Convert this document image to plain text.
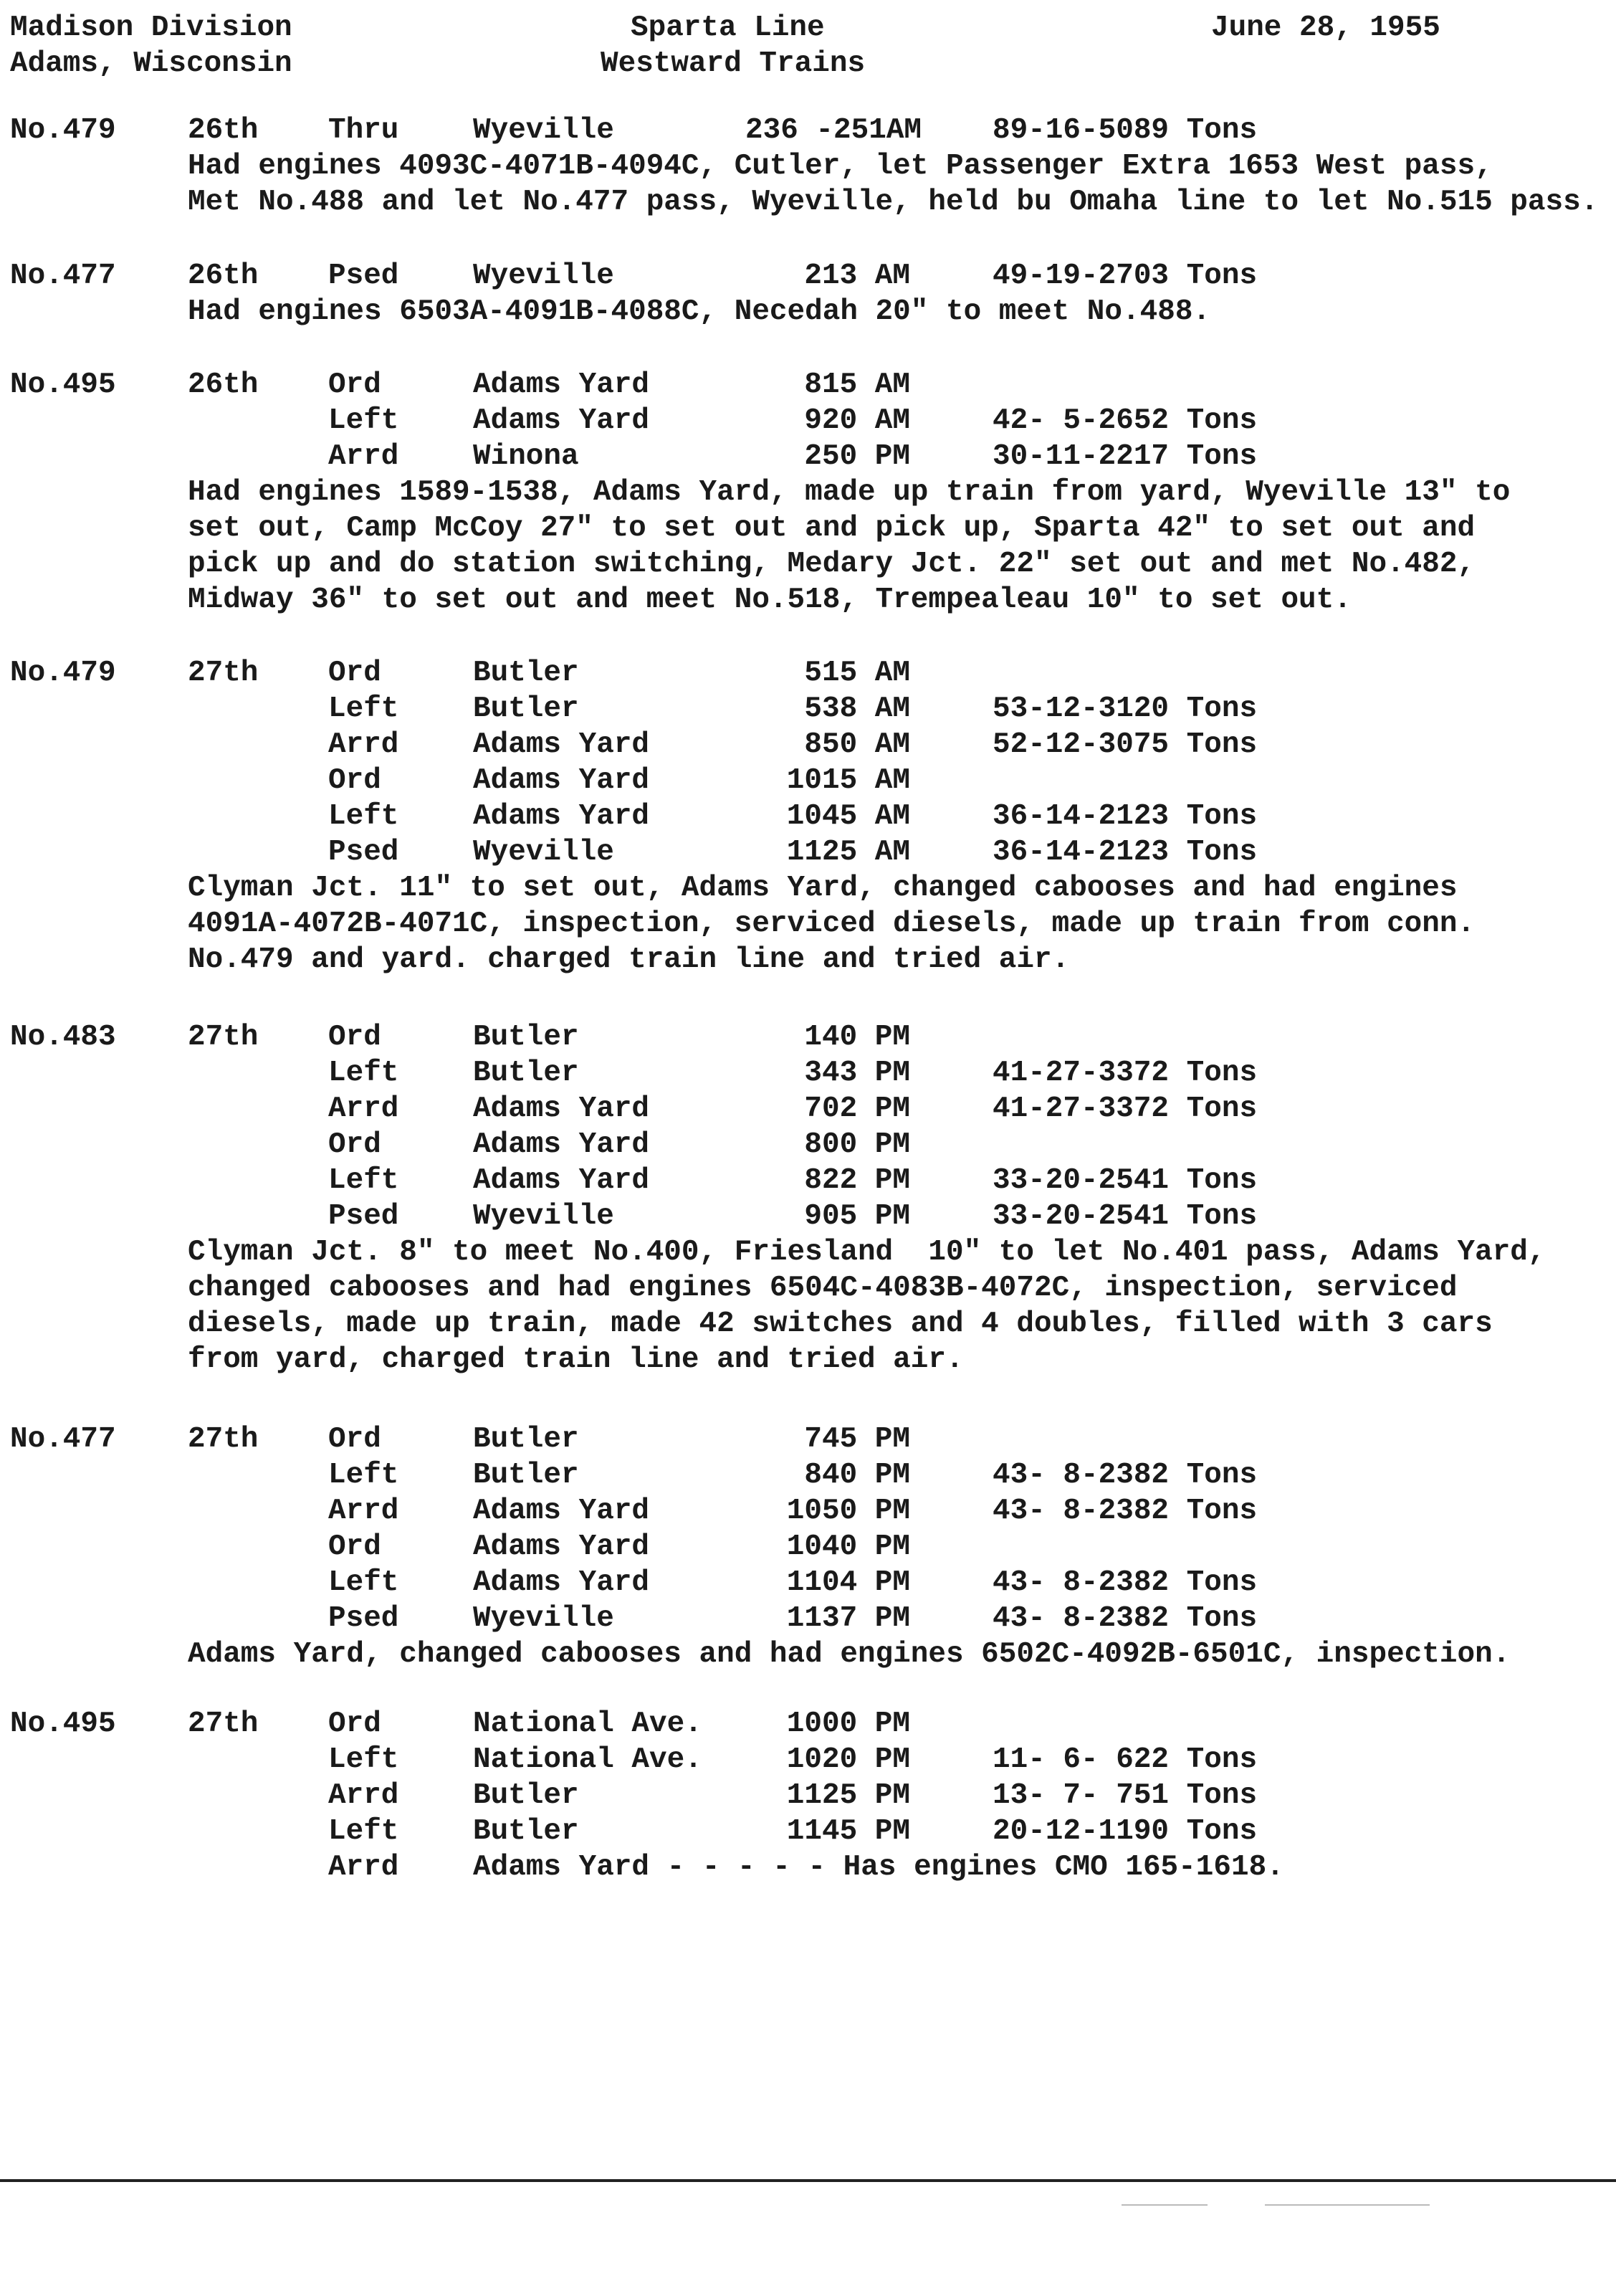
Madison Division
Adams, Wisconsin
Sparta Line
Westward Trains
June 28, 1955
No.479 26th Thru	Wyeville	236 -251AM 89-16-5089 Tons
Had engines 4093C-4071B-4094C, Cutler, let Passenger Extra 1653 West pass,
Met No.488 and let No.477 pass, Wyeville, held bu Omaha line to let No.515 pass.
No.477 26th Psed	Wyeville	213 AM	49-19-2703 Tons
Had engines 6503A-4091B-4088C, Necedah 20" to meet No.488.
No.495 26th Ord	Adams Yard	815 AM
Left	Adams Yard	920 AM	42- 5-2652 Tons
Arrd	Winona	250 PM	30-11-2217 Tons
Had engines 1589-1538, Adams Yard, made up train from yard, Wyeville 13" to
set out, Camp McCoy 27" to set out and pick up, Sparta 42" to set out and
pick up and do station switching, Medary Jct. 22" set out and met No.482,
Midway 36" to set out and meet No.518, Trempealeau 10" to set out.
No.479 27th Ord	Butler	515 AM
Left	Butler	538 AM	53-12-3120 Tons
Arrd	Adams Yard	850 AM	52-12-3075 Tons
Ord	Adams Yard	1015 AM
Left	Adams Yard	1045 AM	36-14-2123 Tons
Psed	Wyeville	1125 AM	36-14-2123 Tons
Clyman Jct. 11" to set out, Adams Yard, changed cabooses and had engines
4091A-4072B-4071C, inspection, serviced diesels, made up train from conn.
No.479 and yard. charged train line and tried air.
No.483 27th Ord	Butler	140 PM
Left	Butler	343 PM	41-27-3372 Tons
Arrd	Adams Yard	702 PM	41-27-3372 Tons
Ord	Adams Yard	800 PM
Left	Adams Yard	822 PM	33-20-2541 Tons
Psed	Wyeville	905 PM	33-20-2541 Tons
Clyman Jct. 8" to meet No.400, Friesland  10" to let No.401 pass, Adams Yard,
changed cabooses and had engines 6504C-4083B-4072C, inspection, serviced
diesels, made up train, made 42 switches and 4 doubles, filled with 3 cars
from yard, charged train line and tried air.
No.477 27th Ord	Butler	745 PM
Left	Butler	840 PM	43- 8-2382 Tons
Arrd	Adams Yard	1050 PM	43- 8-2382 Tons
Ord	Adams Yard	1040 PM
Left	Adams Yard	1104 PM	43- 8-2382 Tons
Psed	Wyeville	1137 PM	43- 8-2382 Tons
Adams Yard, changed cabooses and had engines 6502C-4092B-6501C, inspection.
No.495 27th Ord	National Ave.	1000 PM
Left	National Ave.	1020 PM	11- 6- 622 Tons
Arrd	Butler	1125 PM	13- 7- 751 Tons
Left	Butler	1145 PM	20-12-1190 Tons
Arrd	Adams Yard - - - - - Has engines CMO 165-1618.
